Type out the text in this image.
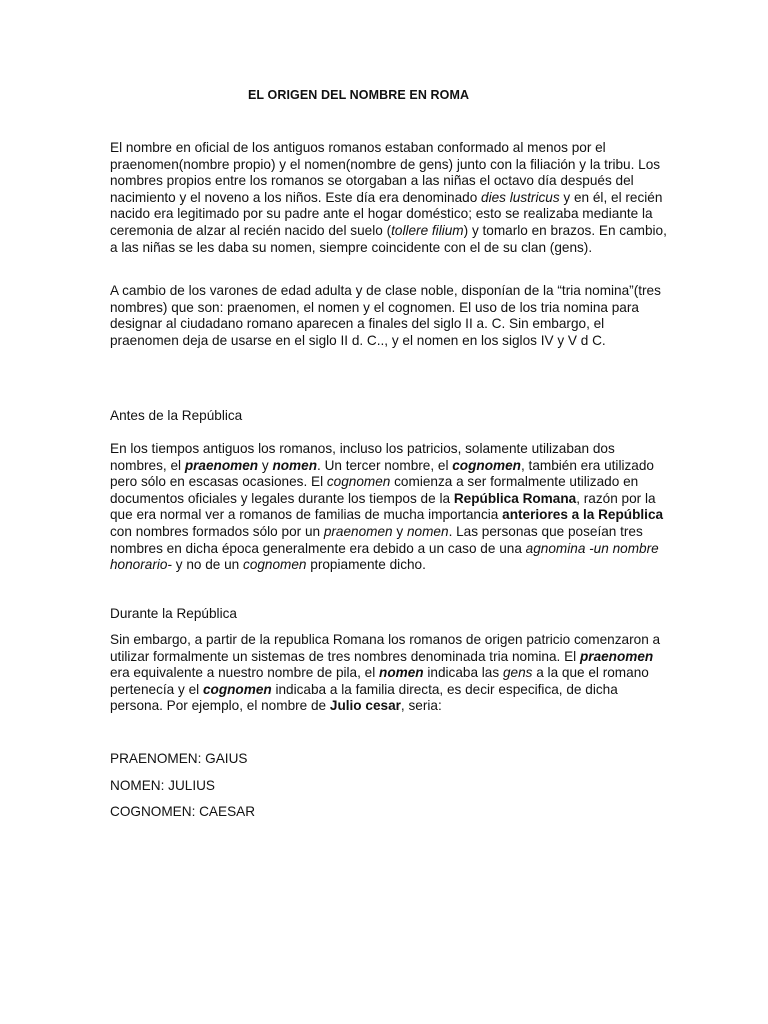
EL ORIGEN DEL NOMBRE EN ROMA

El nombre en oficial de los antiguos romanos estaban conformado al menos por el praenomen(nombre propio) y el nomen(nombre de gens) junto con la filiación y la tribu. Los nombres propios entre los romanos se otorgaban a las niñas el octavo día después del nacimiento y el noveno a los niños. Este día era denominado dies lustricus y en él, el recién nacido era legitimado por su padre ante el hogar doméstico; esto se realizaba mediante la ceremonia de alzar al recién nacido del suelo (tollere filium) y tomarlo en brazos. En cambio, a las niñas se les daba su nomen, siempre coincidente con el de su clan (gens).

A cambio de los varones de edad adulta y de clase noble, disponían de la “tria nomina”(tres nombres) que son: praenomen, el nomen y el cognomen. El uso de los tria nomina para designar al ciudadano romano aparecen a finales del siglo II a. C. Sin embargo, el praenomen deja de usarse en el siglo II d. C.., y el nomen en los siglos IV y V d C.

Antes de la República

En los tiempos antiguos los romanos, incluso los patricios, solamente utilizaban dos nombres, el praenomen y nomen. Un tercer nombre, el cognomen, también era utilizado pero sólo en escasas ocasiones. El cognomen comienza a ser formalmente utilizado en documentos oficiales y legales durante los tiempos de la República Romana, razón por la que era normal ver a romanos de familias de mucha importancia anteriores a la República con nombres formados sólo por un praenomen y nomen. Las personas que poseían tres nombres en dicha época generalmente era debido a un caso de una agnomina -un nombre honorario- y no de un cognomen propiamente dicho.

Durante la República

Sin embargo, a partir de la republica Romana los romanos de origen patricio comenzaron a utilizar formalmente un sistemas de tres nombres denominada tria nomina. El praenomen era equivalente a nuestro nombre de pila, el nomen indicaba las gens a la que el romano pertenecía y el cognomen indicaba a la familia directa, es decir especifica, de dicha persona. Por ejemplo, el nombre de Julio cesar, seria:

PRAENOMEN: GAIUS

NOMEN: JULIUS

COGNOMEN: CAESAR
